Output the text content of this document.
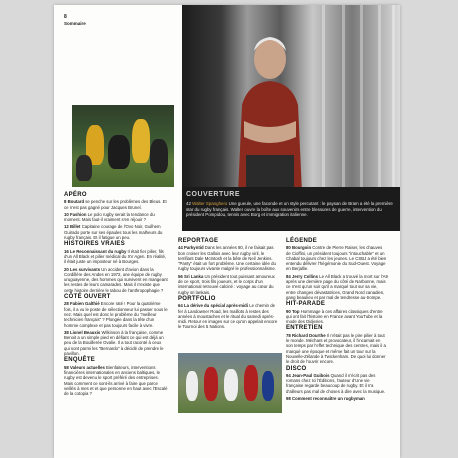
8
Sommaire
COUVERTURE
42 Walter Spanghero Une gueule, une faconde et un style percutant : le paysan de Bram a été la première star du rugby français. Walter ouvre la boîte aux souvenirs entre blessures de guerre, intervention du président Pompidou, tennis avec Borg et immigration italienne.
APÉRO
8 Boutard se penche sur les problèmes des Bleus. Et ce n'est pas gagné pour Jacques Brunel.
10 Fashion Le polo rugby serait la tendance du moment. Mais faut-il vraiment s'en réjouir ?
12 Billet Capitaine courage de l'Ovo Noir, Guilhem Guirado porte sur ses épaules tous les malheurs du rugby français. Et il fatigue un peu.
HISTOIRES VRAIES
16 Le Reconnaissant du rugby Il était fier pilier, fils d'un All Black et pilier médical du XV Agen. En réalité, il était juste un imposteur né à Bourges.
20 Les survivants Un accident d'avion dans la Cordillère des Andes en 1972, une équipe de rugby uruguayenne, des hommes qui survivent en mangeant les restes de leurs camarades. Mais il n'existe que cette histoire derrière le tabou de l'anthropophagie ?
CÔTÉ OUVERT
28 Fabien Galthié Encore raté ! Pour la quatrième fois, il a vu le poste de sélectionneur lui passer sous le nez. Mais quel est donc le problème du "meilleur technicien français" ? Plongée dans la tête d'un homme complexe et pas toujours facile à vivre.
38 Lionel Beauxis Wilkinson à la française, comme Benoit a un simple pied en défiant ce qui est déjà un peu de la Bouillerée Ovalie. Il a tout raconté à ceux qui sont parmi les "Bernardo" à décidé de prendre le pavillon.
ENQUÊTE
58 Valeurs actuelles Bienfaiteurs, interventions financières internationales en anciens baltiques, le rugby est devenu le sport préféré des entreprises. Mais comment ce sont-ils arrivé à faire que parce veillés à mes et et que personne en haut avec l'Escalé de la cotopia ?
REPORTAGE
44 Parkyntid Dans les années 80, il ne faisait pas bon croiser les Gallois avec leur rugby viril, le terrifiant Dale McIntosh et la bête de Neil Jenkins. "Panty" était un fort problème. Une certaine idée du rugby toujours vivante malgré le professionnalisme.
56 Sri Lanka Un président tout puissant amoureux de ce sport, trois fils joueurs, et le corps d'un international retrouvé calciné : voyage au cœur du rugby sri lankais.
PORTFOLIO
64 La dérive du spécial après-midi Le chemin de fer à Landowner Road, les maillots à restes des années à moustaches et le ritual du samedi après-midi. Retour en images sur ce qu'on appelait encore le Tournoi des 5 Nations.
LÉGENDE
80 Bourgoin Contre de Pierre Raiser, les chauves de Cioffini, un président toujours "intouchable" et un Chabal toujours chez les jeunes. Le CSBJ a été bien entendu délivrer l'hégémonie du Sud-Ouest. Voyage en Berjallie.
84 Jerry Collins Le All Black a trouvé la mort sur l'A9 après une dernière page du côté de Narbonne, mais ce n'est qu'un soir qu'il a marqué tout sur sa vie, entre changes dévastatrices, Grand Nord canadien, gang beaulieu et par mal de tendresse au-trompe.
HIT-PARADE
90 Top Hommage à ces affaires classiques d'entre qui ont fait l'histoire en France avant YouTube et la mode des Didjeries.
ENTRETIEN
78 Richard Dourthe Il n'était pas le pire pilier à tout le monde. Méchant et provocateur, il l'incarnait en son temps par l'effet technique des centres, mais il a marqué une époque et même fait un tour sur la Nouvelle-Zélande à Twickenham. De quoi lui donner le droit de l'ouvrir encore.
DISCO
94 Jean-Paul Guibois Quand il n'écrit pas des romans chez Ici l'Éditions, l'auteur d'Une vie française regarde beaucoup de rugby. Et il n'a d'ailleurs pas mal de choses à dire avec la musique.
98 Comment reconnaître un rugbyman
